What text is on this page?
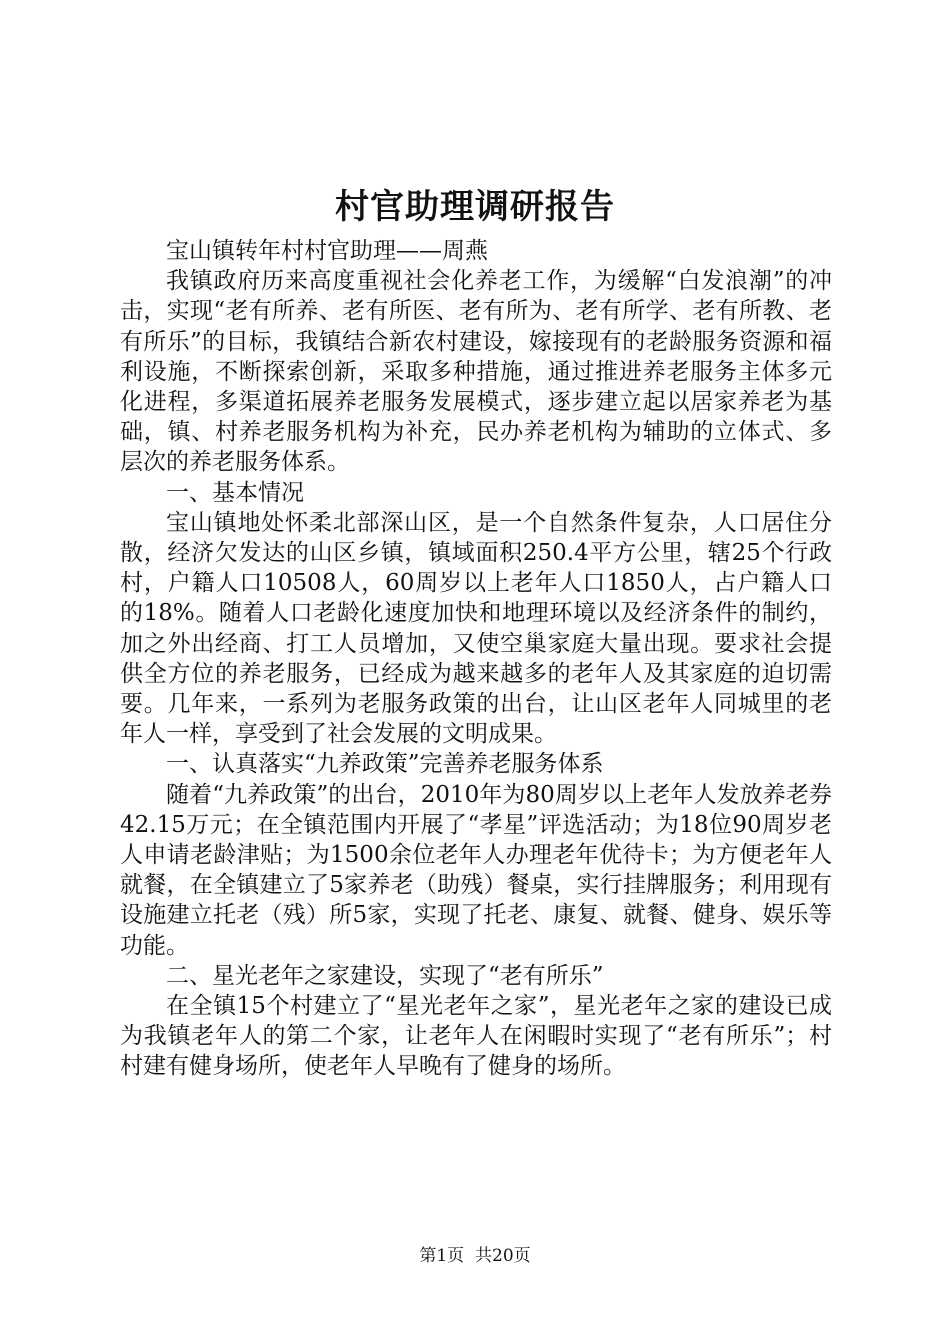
村官助理调研报告

宝山镇转年村村官助理——周燕

我镇政府历来高度重视社会化养老工作，为缓解“白发浪潮”的冲击，实现“老有所养、老有所医、老有所为、老有所学、老有所教、老有所乐”的目标，我镇结合新农村建设，嫁接现有的老龄服务资源和福利设施，不断探索创新，采取多种措施，通过推进养老服务主体多元化进程，多渠道拓展养老服务发展模式，逐步建立起以居家养老为基础，镇、村养老服务机构为补充，民办养老机构为辅助的立体式、多层次的养老服务体系。

一、基本情况

宝山镇地处怀柔北部深山区，是一个自然条件复杂，人口居住分散，经济欠发达的山区乡镇，镇域面积250.4平方公里，辖25个行政村，户籍人口10508人，60周岁以上老年人口1850人，占户籍人口的18%。随着人口老龄化速度加快和地理环境以及经济条件的制约，加之外出经商、打工人员增加，又使空巢家庭大量出现。要求社会提供全方位的养老服务，已经成为越来越多的老年人及其家庭的迫切需要。几年来，一系列为老服务政策的出台，让山区老年人同城里的老年人一样，享受到了社会发展的文明成果。

一、认真落实“九养政策”完善养老服务体系

随着“九养政策”的出台，2010年为80周岁以上老年人发放养老券42.15万元；在全镇范围内开展了“孝星”评选活动；为18位90周岁老人申请老龄津贴；为1500余位老年人办理老年优待卡；为方便老年人就餐，在全镇建立了5家养老（助残）餐桌，实行挂牌服务；利用现有设施建立托老（残）所5家，实现了托老、康复、就餐、健身、娱乐等功能。

二、星光老年之家建设，实现了“老有所乐”

在全镇15个村建立了“星光老年之家”，星光老年之家的建设已成为我镇老年人的第二个家，让老年人在闲暇时实现了“老有所乐”；村村建有健身场所，使老年人早晚有了健身的场所。

第1页 共20页
